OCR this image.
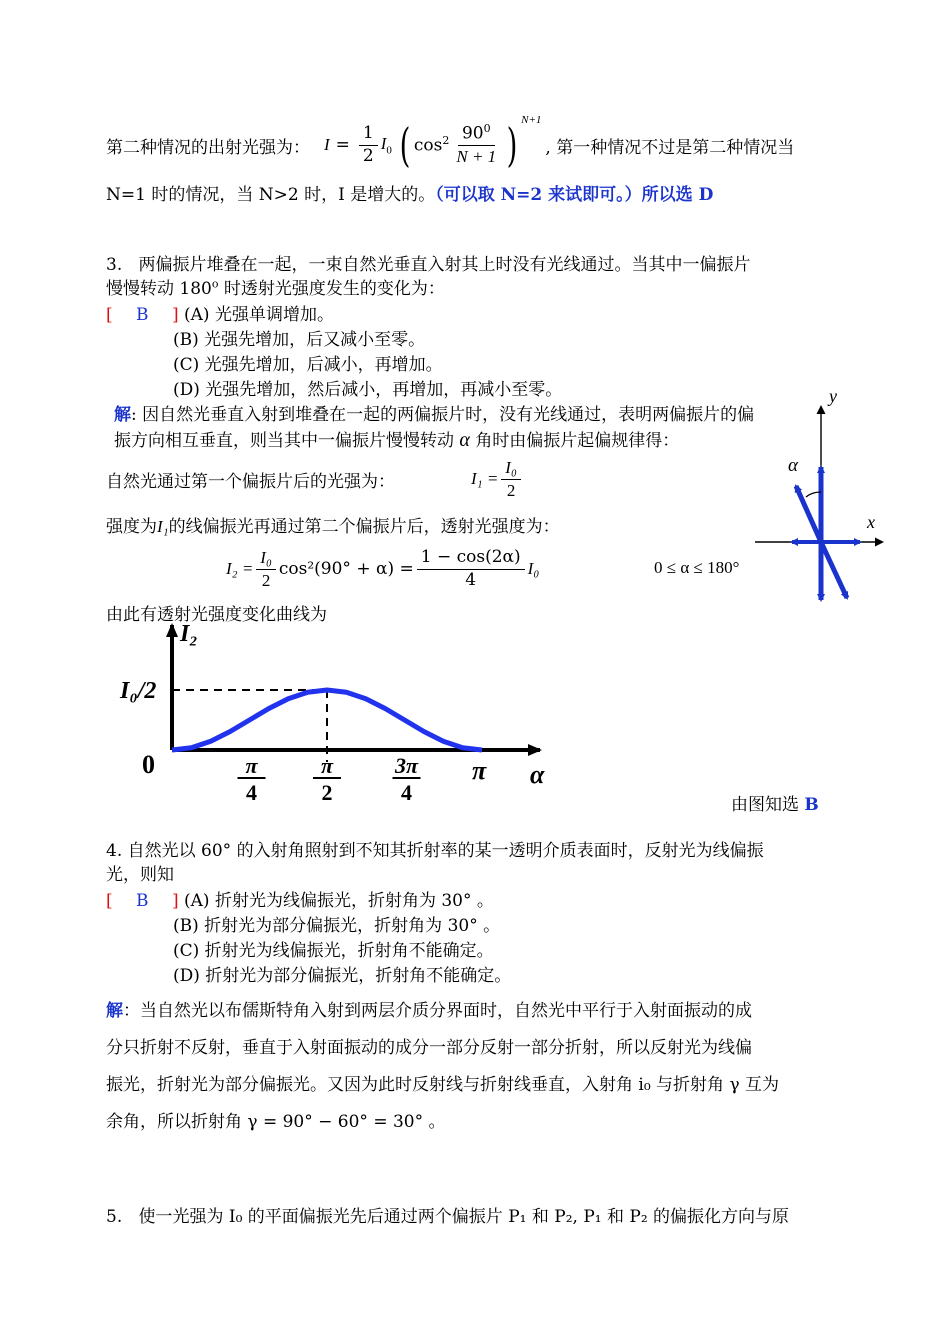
第二种情况的出射光强为： $I = \frac{1}{2} I_0$ ( $\cos^2 \frac{90^0}{N + 1}$ ) N+1
, 第一种情况不过是第二种情况当
N=1 时的情况，当 N>2 时，I 是增大的。（可以取 N=2 来试即可。）所以选 D
3. 两偏振片堆叠在一起，一束自然光垂直入射其上时没有光线通过。当其中一偏振片
慢慢转动 180$^o$ 时透射光强度发生的变化为：
[ B ] (A) 光强单调增加。
(B) 光强先增加，后又减小至零。
(C) 光强先增加，后减小，再增加。
(D) 光强先增加，然后减小，再增加，再减小至零。
解: 因自然光垂直入射到堆叠在一起的两偏振片时，没有光线通过，表明两偏振片的偏
振方向相互垂直，则当其中一偏振片慢慢转动 α 角时由偏振片起偏规律得：
自然光通过第一个偏振片后的光强为：	$I_1 = \frac{\text{I₀}}{2}$
强度为I₁的线偏振光再通过第二个偏振片后，透射光强度为：
$I_2 = \frac{\text{I₀}}{2} \cos^2(90^\circ + \alpha) = \frac{1 - \cos(2\alpha)}{4} I_0$	0 ≤ α ≤ 180°
由此有透射光强度变化曲线为
y
x
α
I₂
α
0
I₀/2
π
4
π
2
3π
4
π
由图知选 B
4. 自然光以 60° 的入射角照射到不知其折射率的某一透明介质表面时，反射光为线偏振
光，则知
[ B ] (A) 折射光为线偏振光，折射角为 30° 。
(B) 折射光为部分偏振光，折射角为 30° 。
(C) 折射光为线偏振光，折射角不能确定。
(D) 折射光为部分偏振光，折射角不能确定。
解：当自然光以布儒斯特角入射到两层介质分界面时，自然光中平行于入射面振动的成
分只折射不反射，垂直于入射面振动的成分一部分反射一部分折射，所以反射光为线偏
振光，折射光为部分偏振光。又因为此时反射线与折射线垂直，入射角 i₀ 与折射角 γ 互为
余角，所以折射角 γ = 90° − 60° = 30° 。
5. 使一光强为 I₀ 的平面偏振光先后通过两个偏振片 P₁ 和 P₂, P₁ 和 P₂ 的偏振化方向与原
